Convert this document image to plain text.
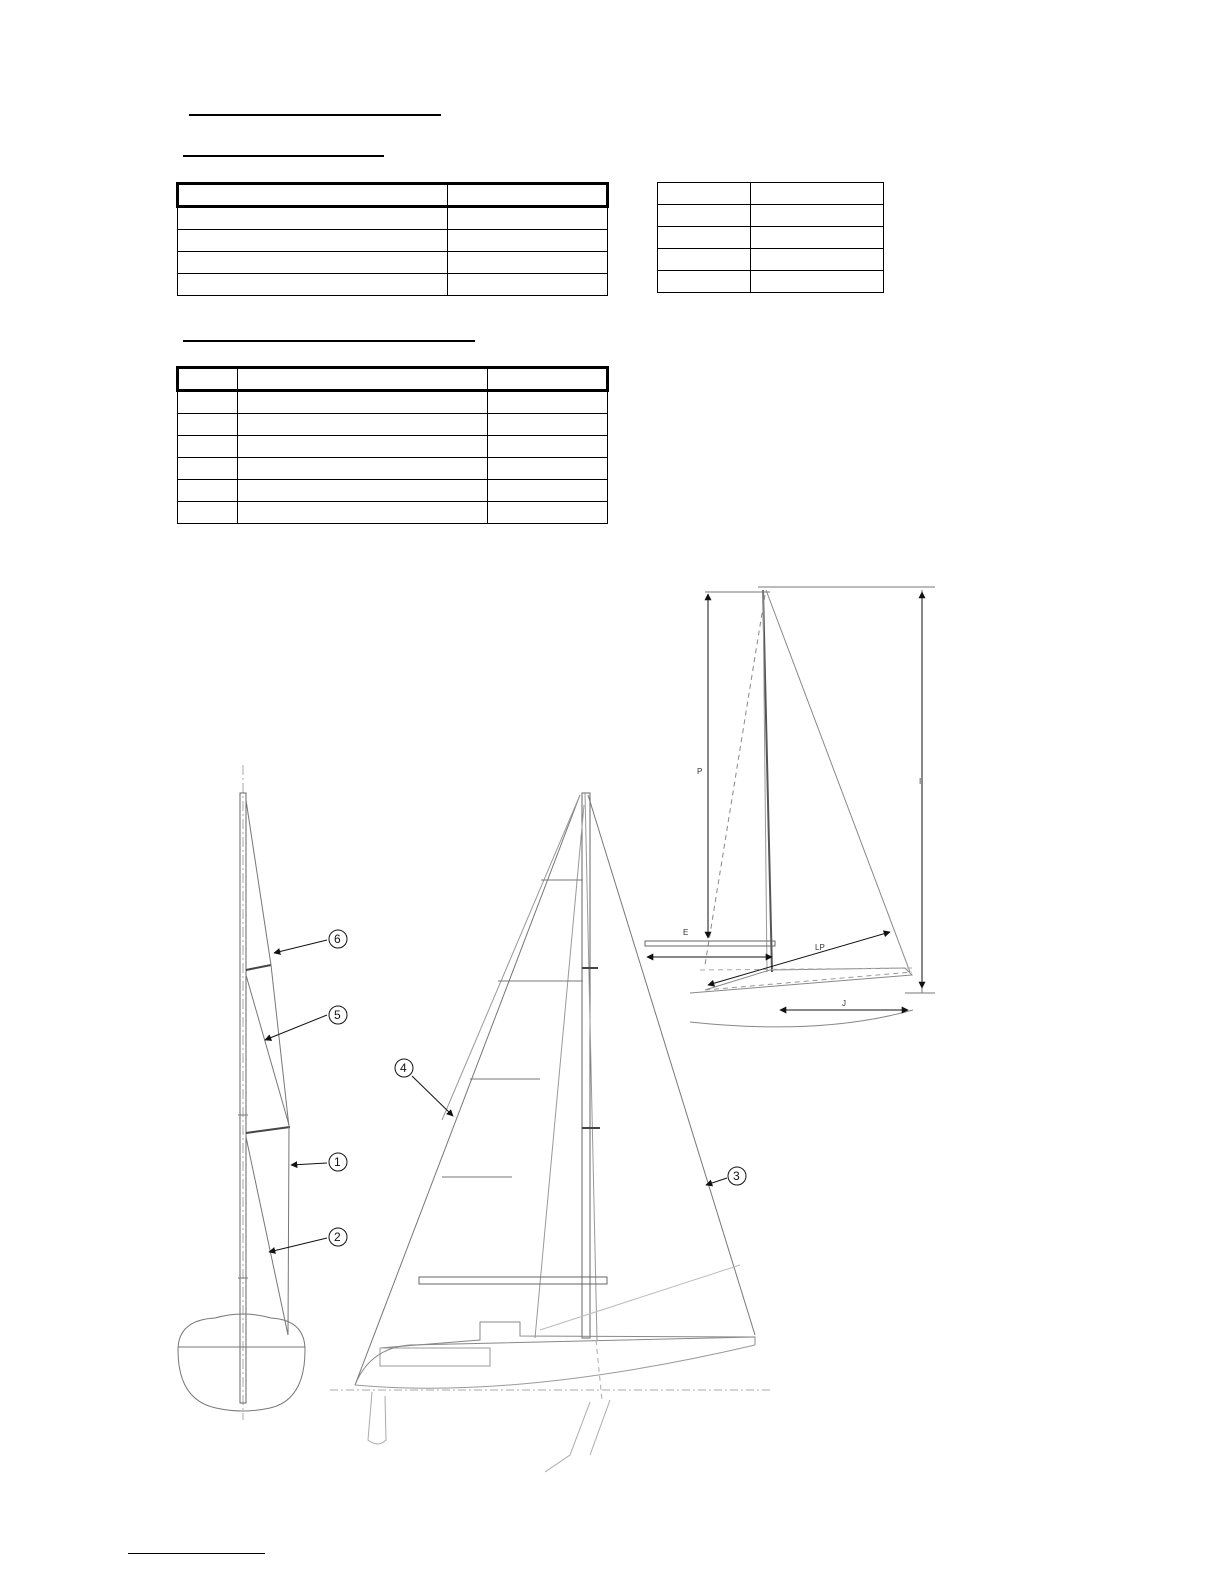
P
I
E
LP
J
6
5
1
2
4
3
